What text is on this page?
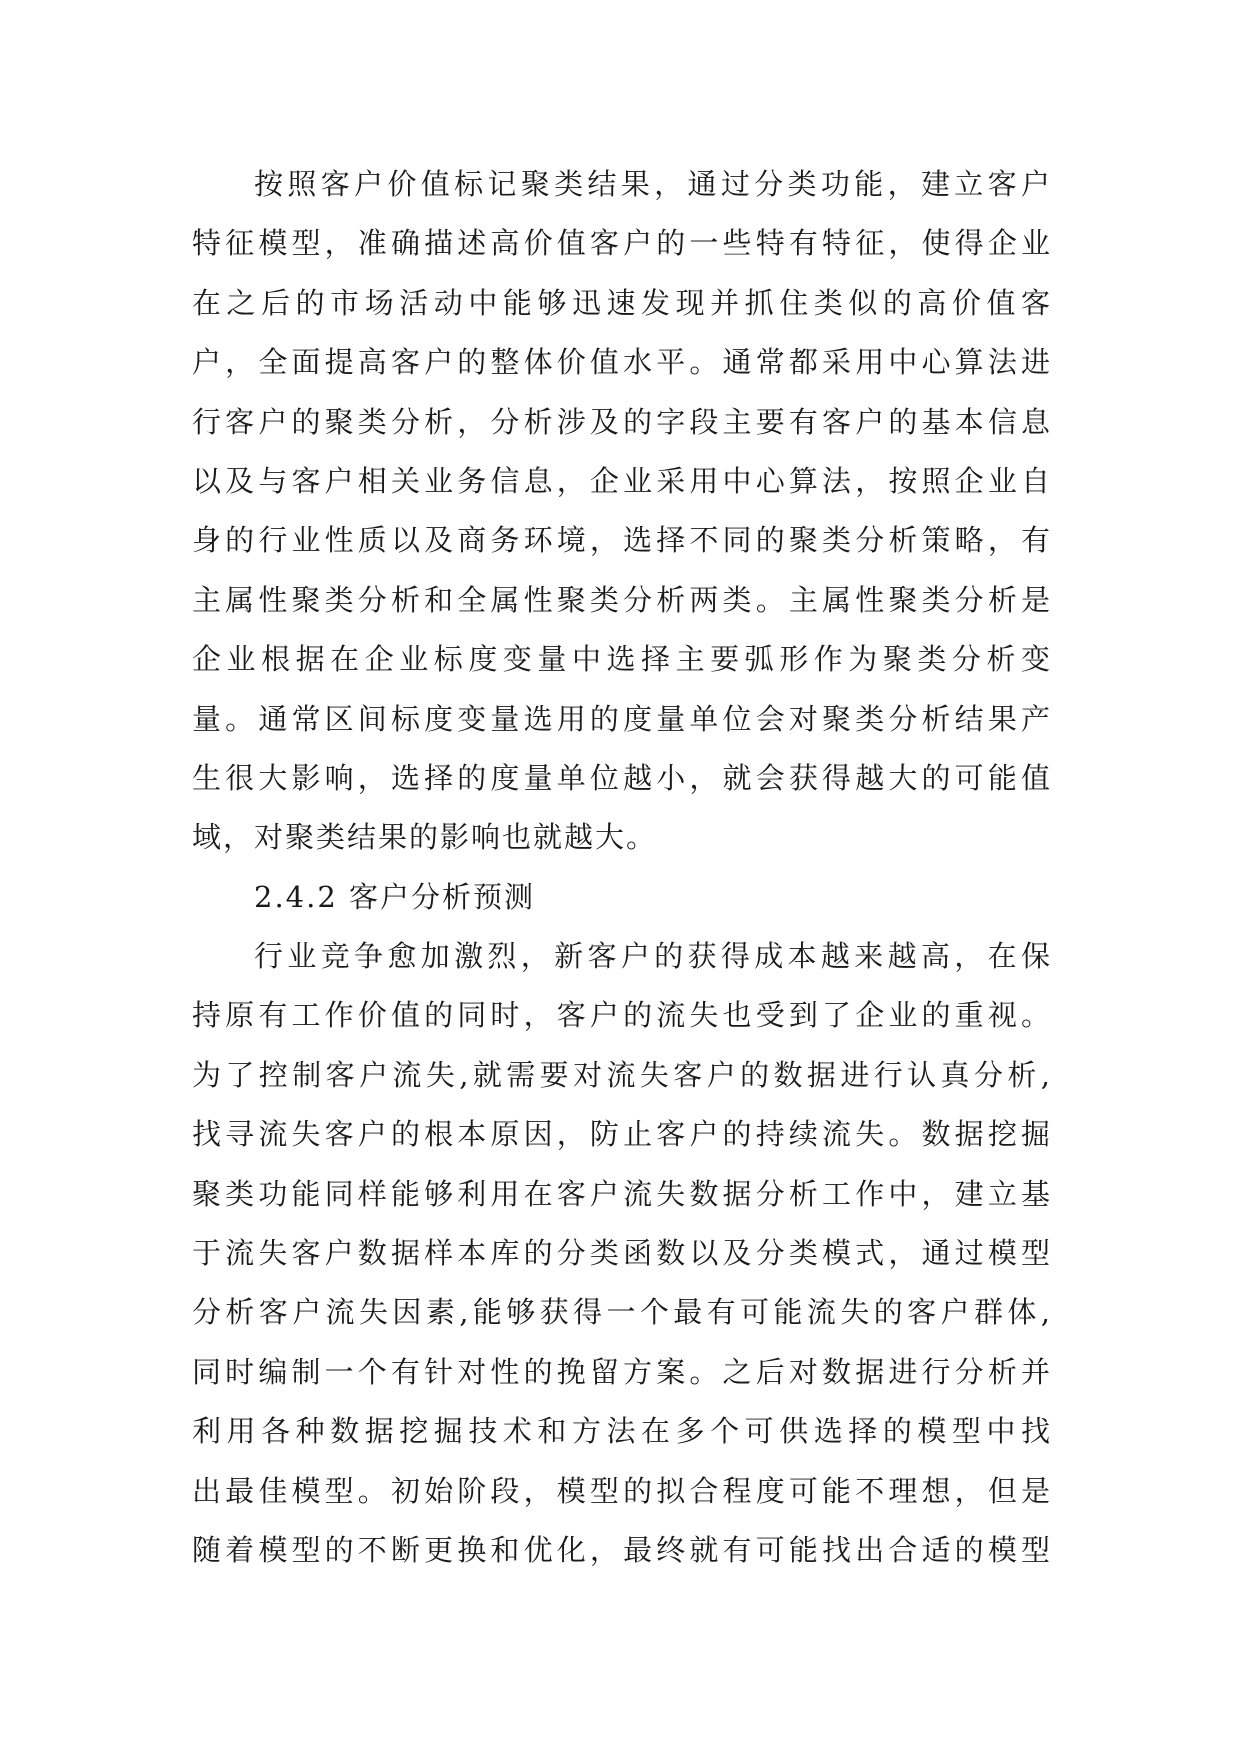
按照客户价值标记聚类结果，通过分类功能，建立客户
特征模型，准确描述高价值客户的一些特有特征，使得企业
在之后的市场活动中能够迅速发现并抓住类似的高价值客
户，全面提高客户的整体价值水平。通常都采用中心算法进
行客户的聚类分析，分析涉及的字段主要有客户的基本信息
以及与客户相关业务信息，企业采用中心算法，按照企业自
身的行业性质以及商务环境，选择不同的聚类分析策略，有
主属性聚类分析和全属性聚类分析两类。主属性聚类分析是
企业根据在企业标度变量中选择主要弧形作为聚类分析变
量。通常区间标度变量选用的度量单位会对聚类分析结果产
生很大影响，选择的度量单位越小，就会获得越大的可能值
域，对聚类结果的影响也就越大。
2.4.2 客户分析预测
行业竞争愈加激烈，新客户的获得成本越来越高，在保
持原有工作价值的同时，客户的流失也受到了企业的重视。
为了控制客户流失,就需要对流失客户的数据进行认真分析,
找寻流失客户的根本原因，防止客户的持续流失。数据挖掘
聚类功能同样能够利用在客户流失数据分析工作中，建立基
于流失客户数据样本库的分类函数以及分类模式，通过模型
分析客户流失因素,能够获得一个最有可能流失的客户群体,
同时编制一个有针对性的挽留方案。之后对数据进行分析并
利用各种数据挖掘技术和方法在多个可供选择的模型中找
出最佳模型。初始阶段，模型的拟合程度可能不理想，但是
随着模型的不断更换和优化，最终就有可能找出合适的模型
